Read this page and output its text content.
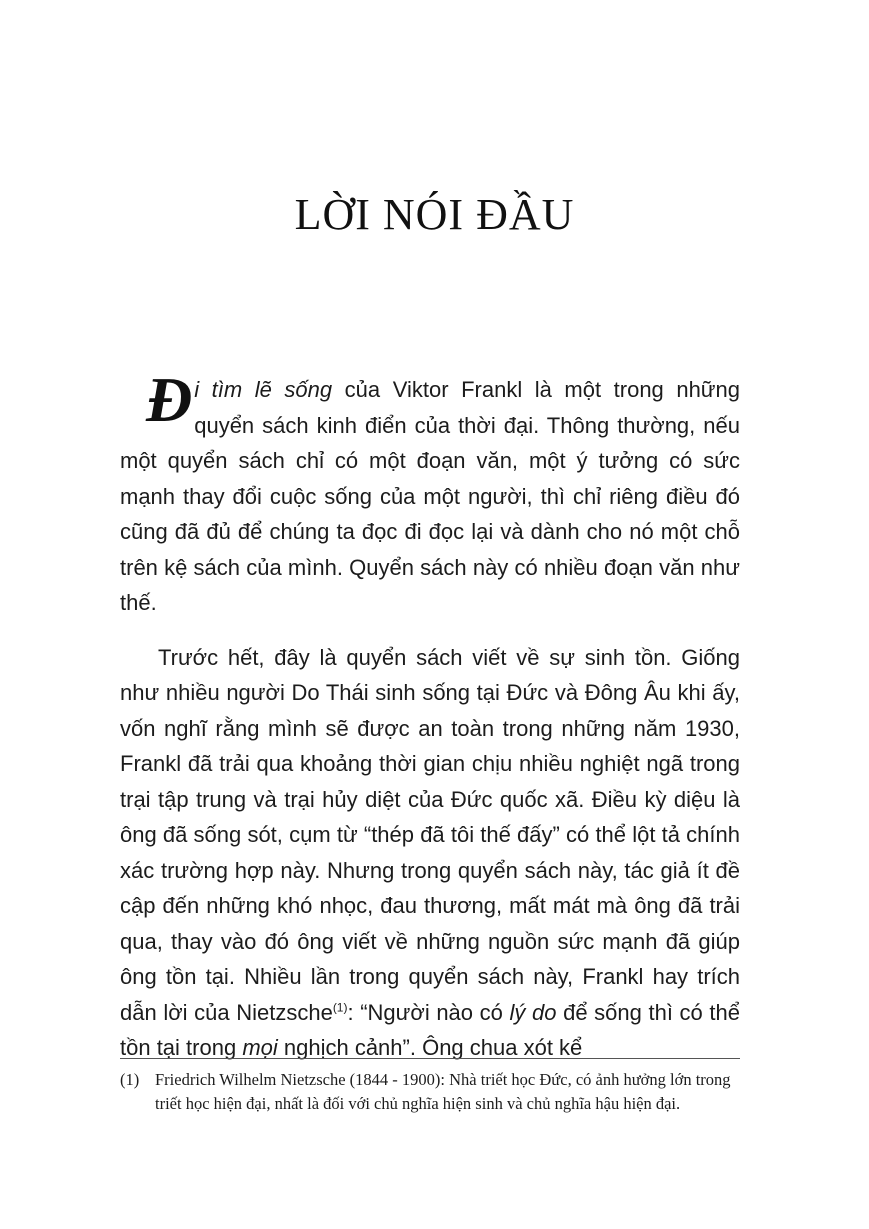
LỜI NÓI ĐẦU

Đi tìm lẽ sống của Viktor Frankl là một trong những quyển sách kinh điển của thời đại. Thông thường, nếu một quyển sách chỉ có một đoạn văn, một ý tưởng có sức mạnh thay đổi cuộc sống của một người, thì chỉ riêng điều đó cũng đã đủ để chúng ta đọc đi đọc lại và dành cho nó một chỗ trên kệ sách của mình. Quyển sách này có nhiều đoạn văn như thế.

Trước hết, đây là quyển sách viết về sự sinh tồn. Giống như nhiều người Do Thái sinh sống tại Đức và Đông Âu khi ấy, vốn nghĩ rằng mình sẽ được an toàn trong những năm 1930, Frankl đã trải qua khoảng thời gian chịu nhiều nghiệt ngã trong trại tập trung và trại hủy diệt của Đức quốc xã. Điều kỳ diệu là ông đã sống sót, cụm từ “thép đã tôi thế đấy” có thể lột tả chính xác trường hợp này. Nhưng trong quyển sách này, tác giả ít đề cập đến những khó nhọc, đau thương, mất mát mà ông đã trải qua, thay vào đó ông viết về những nguồn sức mạnh đã giúp ông tồn tại. Nhiều lần trong quyển sách này, Frankl hay trích dẫn lời của Nietzsche$^{(1)}$: “Người nào có lý do để sống thì có thể tồn tại trong mọi nghịch cảnh”. Ông chua xót kể

(1) Friedrich Wilhelm Nietzsche (1844 - 1900): Nhà triết học Đức, có ảnh hưởng lớn trong triết học hiện đại, nhất là đối với chủ nghĩa hiện sinh và chủ nghĩa hậu hiện đại.
